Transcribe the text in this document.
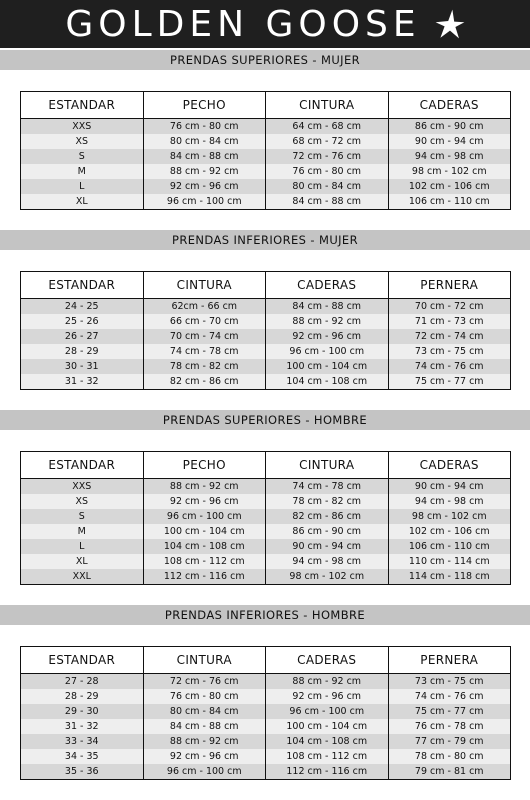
GOLDEN GOOSE
PRENDAS SUPERIORES - MUJER
ESTANDAR	PECHO	CINTURA	CADERAS
XXS	76 cm - 80 cm	64 cm - 68 cm	86 cm - 90 cm
XS	80 cm - 84 cm	68 cm - 72 cm	90 cm - 94 cm
S	84 cm - 88 cm	72 cm - 76 cm	94 cm - 98 cm
M	88 cm - 92 cm	76 cm - 80 cm	98 cm - 102 cm
L	92 cm - 96 cm	80 cm - 84 cm	102 cm - 106 cm
XL	96 cm - 100 cm	84 cm - 88 cm	106 cm - 110 cm
PRENDAS INFERIORES - MUJER
ESTANDAR	CINTURA	CADERAS	PERNERA
24 - 25	62cm - 66 cm	84 cm - 88 cm	70 cm - 72 cm
25 - 26	66 cm - 70 cm	88 cm - 92 cm	71 cm - 73 cm
26 - 27	70 cm - 74 cm	92 cm - 96 cm	72 cm - 74 cm
28 - 29	74 cm - 78 cm	96 cm - 100 cm	73 cm - 75 cm
30 - 31	78 cm - 82 cm	100 cm - 104 cm	74 cm - 76 cm
31 - 32	82 cm - 86 cm	104 cm - 108 cm	75 cm - 77 cm
PRENDAS SUPERIORES - HOMBRE
ESTANDAR	PECHO	CINTURA	CADERAS
XXS	88 cm - 92 cm	74 cm - 78 cm	90 cm - 94 cm
XS	92 cm - 96 cm	78 cm - 82 cm	94 cm - 98 cm
S	96 cm - 100 cm	82 cm - 86 cm	98 cm - 102 cm
M	100 cm - 104 cm	86 cm - 90 cm	102 cm - 106 cm
L	104 cm - 108 cm	90 cm - 94 cm	106 cm - 110 cm
XL	108 cm - 112 cm	94 cm - 98 cm	110 cm - 114 cm
XXL	112 cm - 116 cm	98 cm - 102 cm	114 cm - 118 cm
PRENDAS INFERIORES - HOMBRE
ESTANDAR	CINTURA	CADERAS	PERNERA
27 - 28	72 cm - 76 cm	88 cm - 92 cm	73 cm - 75 cm
28 - 29	76 cm - 80 cm	92 cm - 96 cm	74 cm - 76 cm
29 - 30	80 cm - 84 cm	96 cm - 100 cm	75 cm - 77 cm
31 - 32	84 cm - 88 cm	100 cm - 104 cm	76 cm - 78 cm
33 - 34	88 cm - 92 cm	104 cm - 108 cm	77 cm - 79 cm
34 - 35	92 cm - 96 cm	108 cm - 112 cm	78 cm - 80 cm
35 - 36	96 cm - 100 cm	112 cm - 116 cm	79 cm - 81 cm
